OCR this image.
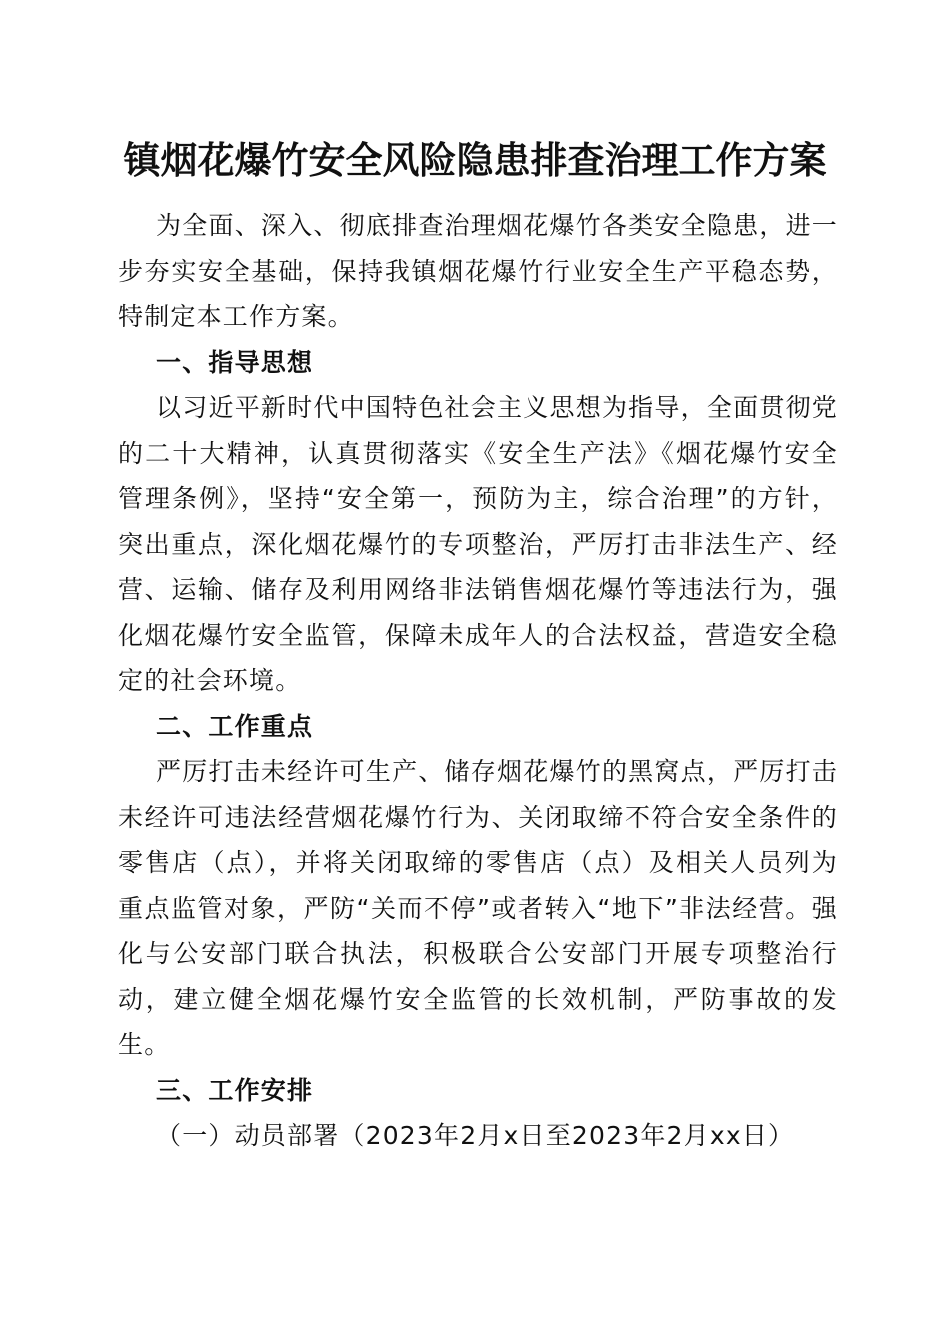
镇烟花爆竹安全风险隐患排查治理工作方案

为全面、深入、彻底排查治理烟花爆竹各类安全隐患，进一步夯实安全基础，保持我镇烟花爆竹行业安全生产平稳态势，特制定本工作方案。

一、指导思想

以习近平新时代中国特色社会主义思想为指导，全面贯彻党的二十大精神，认真贯彻落实《安全生产法》《烟花爆竹安全管理条例》，坚持“安全第一，预防为主，综合治理”的方针，突出重点，深化烟花爆竹的专项整治，严厉打击非法生产、经营、运输、储存及利用网络非法销售烟花爆竹等违法行为，强化烟花爆竹安全监管，保障未成年人的合法权益，营造安全稳定的社会环境。

二、工作重点

严厉打击未经许可生产、储存烟花爆竹的黑窝点，严厉打击未经许可违法经营烟花爆竹行为、关闭取缔不符合安全条件的零售店（点），并将关闭取缔的零售店（点）及相关人员列为重点监管对象，严防“关而不停”或者转入“地下”非法经营。强化与公安部门联合执法，积极联合公安部门开展专项整治行动，建立健全烟花爆竹安全监管的长效机制，严防事故的发生。

三、工作安排

（一）动员部署（2023年2月x日至2023年2月xx日）
